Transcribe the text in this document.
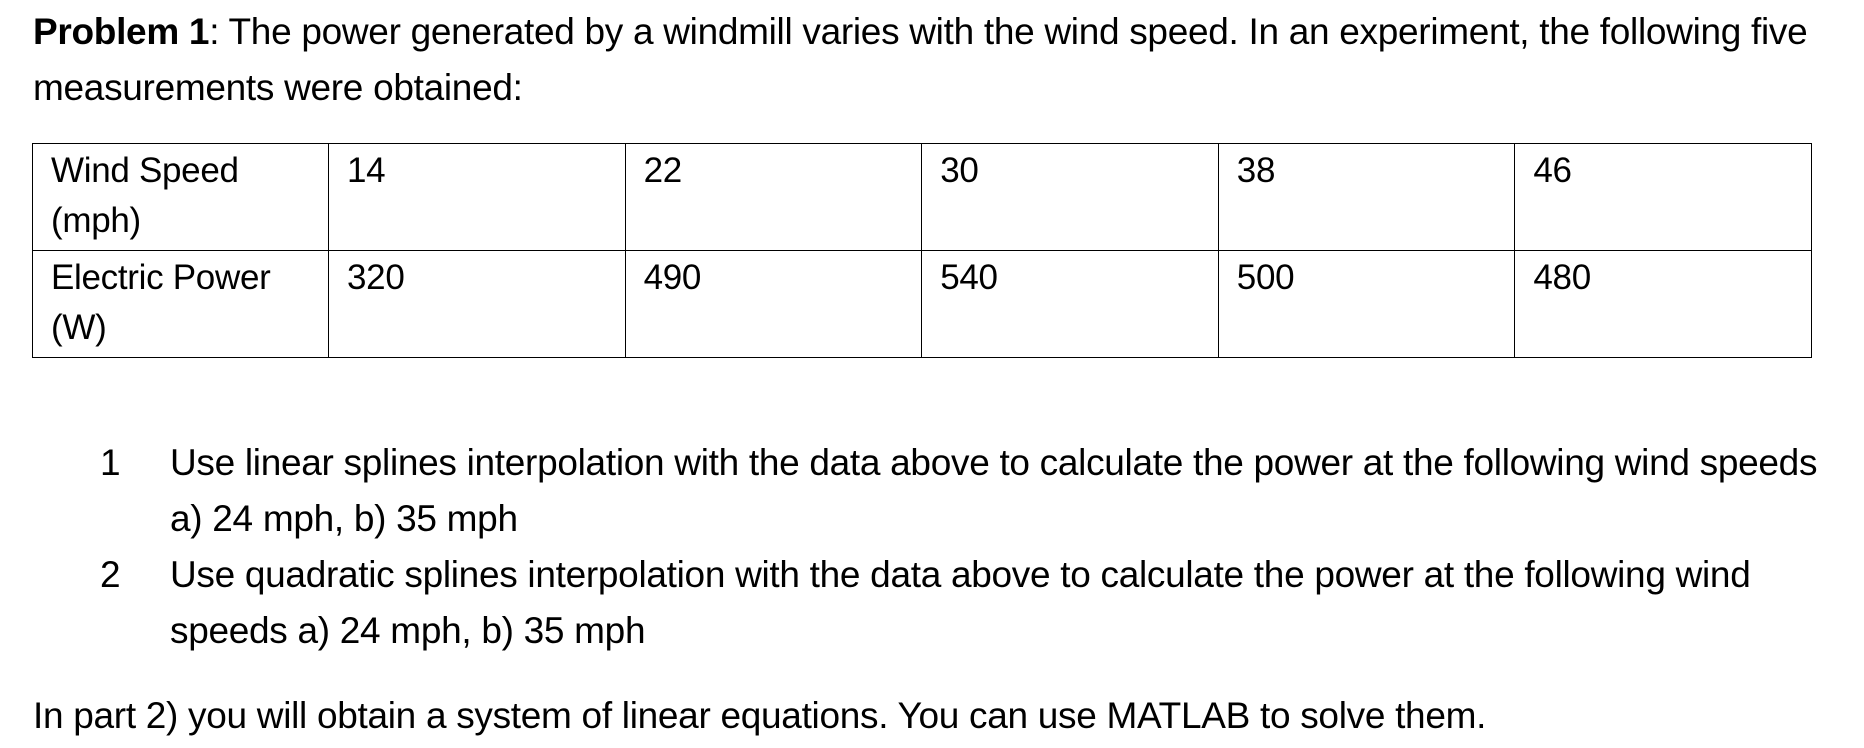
Problem 1: The power generated by a windmill varies with the wind speed. In an experiment, the following five measurements were obtained:

Wind Speed (mph)	14	22	30	38	46
Electric Power (W)	320	490	540	500	480
1 Use linear splines interpolation with the data above to calculate the power at the following wind speeds a) 24 mph, b) 35 mph
2 Use quadratic splines interpolation with the data above to calculate the power at the following wind speeds a) 24 mph, b) 35 mph

In part 2) you will obtain a system of linear equations. You can use MATLAB to solve them.
